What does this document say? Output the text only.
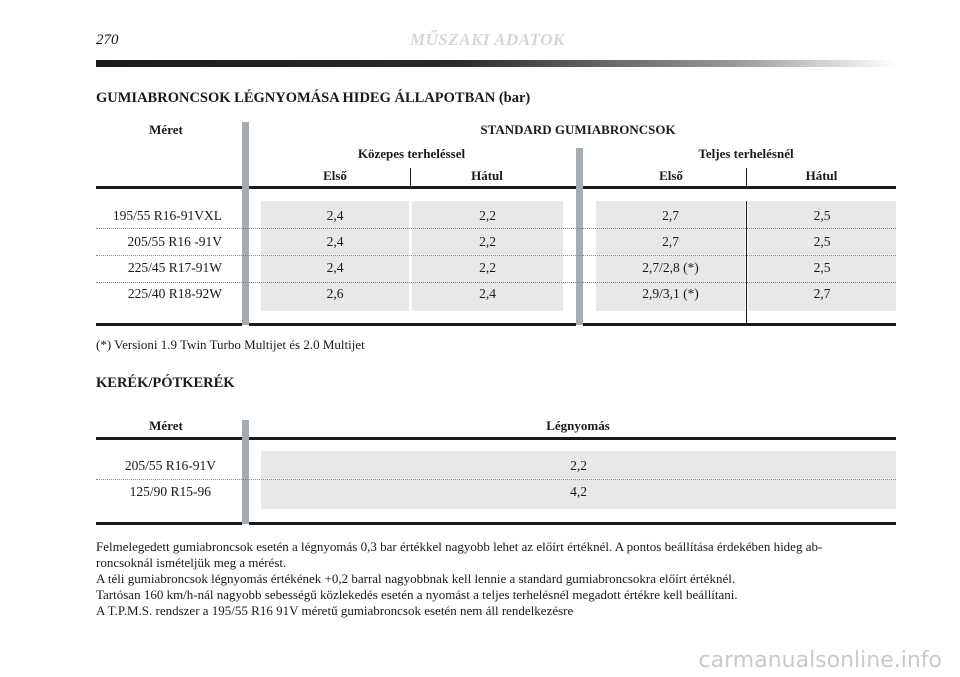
270	MŰSZAKI ADATOK
GUMIABRONCSOK LÉGNYOMÁSA HIDEG ÁLLAPOTBAN (bar)
Méret	STANDARD GUMIABRONCSOK
Közepes terheléssel	Teljes terhelésnél
Első	Hátul	Első	Hátul
195/55 R16-91VXL	2,4	2,2	2,7	2,5
205/55 R16 -91V	2,4	2,2	2,7	2,5
225/45 R17-91W	2,4	2,2	2,7/2,8 (*)	2,5
225/40 R18-92W	2,6	2,4	2,9/3,1 (*)	2,7
(*) Versioni 1.9 Twin Turbo Multijet és 2.0 Multijet
KERÉK/PÓTKERÉK
Méret	Légnyomás
205/55 R16-91V	2,2
125/90 R15-96	4,2
Felmelegedett gumiabroncsok esetén a légnyomás 0,3 bar értékkel nagyobb lehet az előírt értéknél. A pontos beállítása érdekében hideg ab-
roncsoknál ismételjük meg a mérést.
A téli gumiabroncsok légnyomás értékének +0,2 barral nagyobbnak kell lennie a standard gumiabroncsokra előírt értéknél.
Tartósan 160 km/h-nál nagyobb sebességű közlekedés esetén a nyomást a teljes terhelésnél megadott értékre kell beállítani.
A T.P.M.S. rendszer a 195/55 R16 91V méretű gumiabroncsok esetén nem áll rendelkezésre
carmanualsonline.info
